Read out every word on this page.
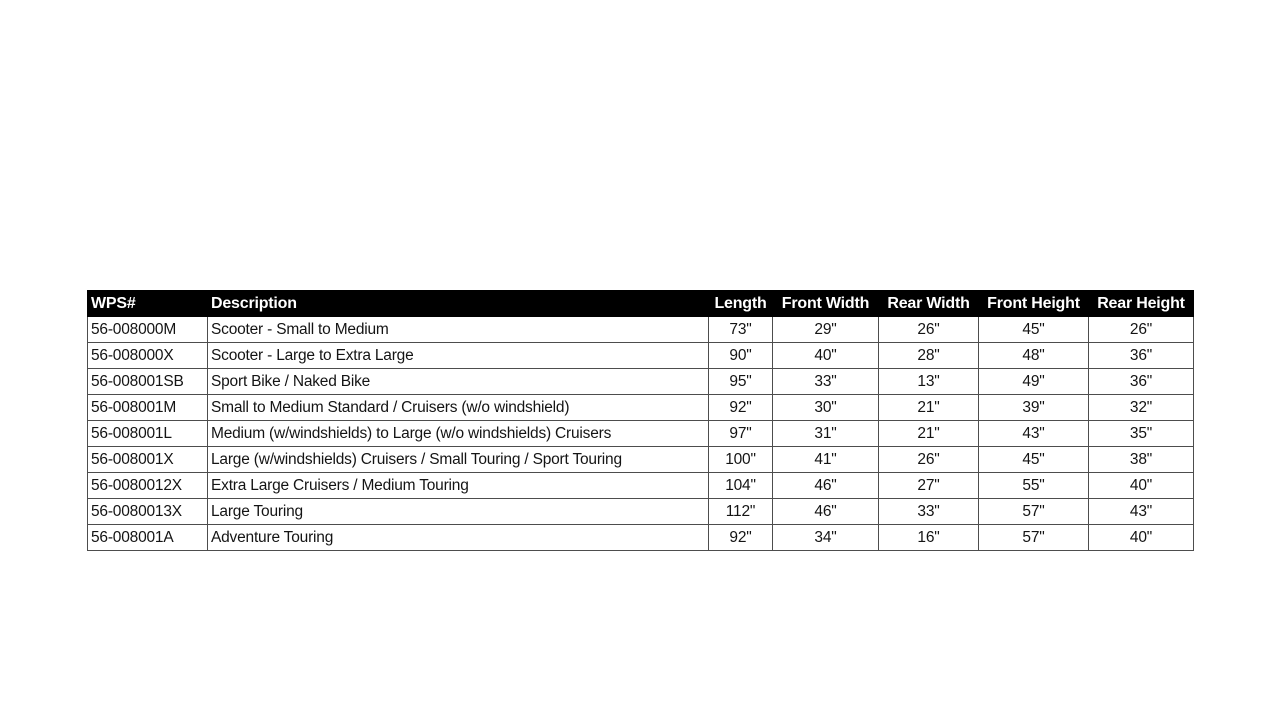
WPS#	Description	Length	Front Width	Rear Width	Front Height	Rear Height
56-008000M	Scooter - Small to Medium	73"	29"	26"	45"	26"
56-008000X	Scooter - Large to Extra Large	90"	40"	28"	48"	36"
56-008001SB	Sport Bike / Naked Bike	95"	33"	13"	49"	36"
56-008001M	Small to Medium Standard / Cruisers (w/o windshield)	92"	30"	21"	39"	32"
56-008001L	Medium (w/windshields) to Large (w/o windshields) Cruisers	97"	31"	21"	43"	35"
56-008001X	Large (w/windshields) Cruisers / Small Touring / Sport Touring	100"	41"	26"	45"	38"
56-0080012X	Extra Large Cruisers / Medium Touring	104"	46"	27"	55"	40"
56-0080013X	Large Touring	112"	46"	33"	57"	43"
56-008001A	Adventure Touring	92"	34"	16"	57"	40"
